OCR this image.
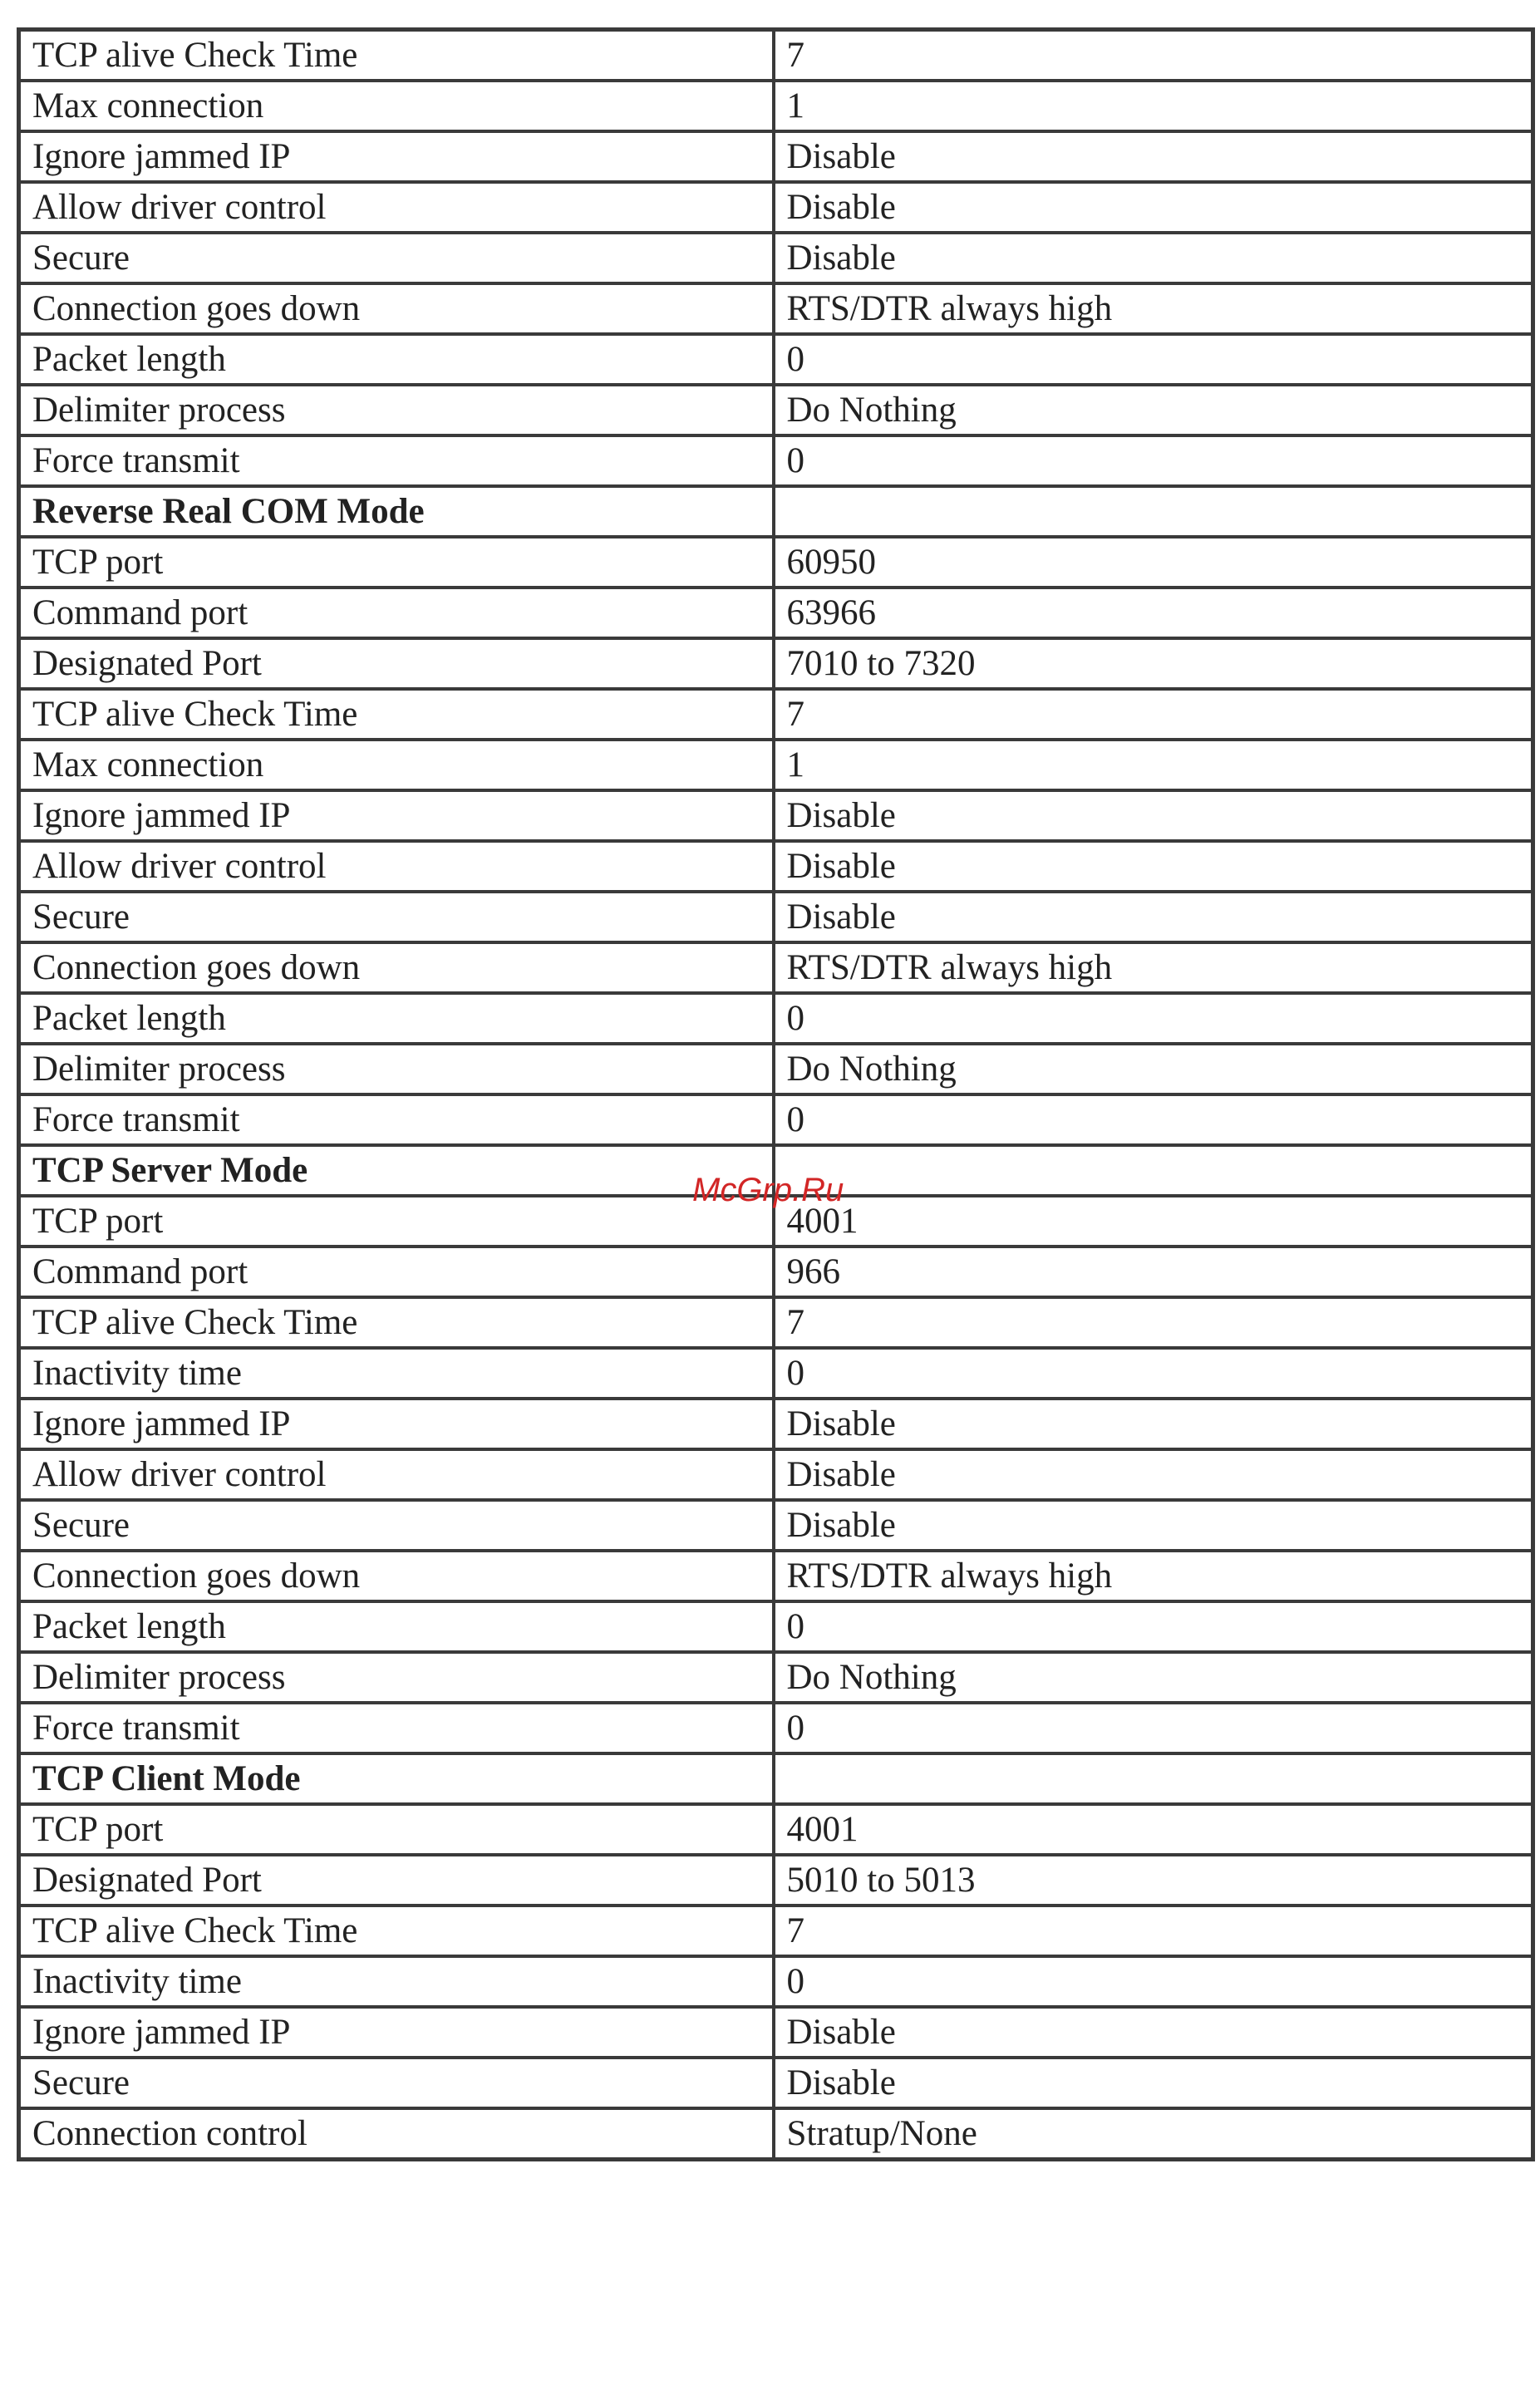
TCP alive Check Time	7
Max connection	1
Ignore jammed IP	Disable
Allow driver control	Disable
Secure	Disable
Connection goes down	RTS/DTR always high
Packet length	0
Delimiter process	Do Nothing
Force transmit	0
Reverse Real COM Mode	
TCP port	60950
Command port	63966
Designated Port	7010 to 7320
TCP alive Check Time	7
Max connection	1
Ignore jammed IP	Disable
Allow driver control	Disable
Secure	Disable
Connection goes down	RTS/DTR always high
Packet length	0
Delimiter process	Do Nothing
Force transmit	0
TCP Server Mode	
TCP port	4001
Command port	966
TCP alive Check Time	7
Inactivity time	0
Ignore jammed IP	Disable
Allow driver control	Disable
Secure	Disable
Connection goes down	RTS/DTR always high
Packet length	0
Delimiter process	Do Nothing
Force transmit	0
TCP Client Mode	
TCP port	4001
Designated Port	5010 to 5013
TCP alive Check Time	7
Inactivity time	0
Ignore jammed IP	Disable
Secure	Disable
Connection control	Stratup/None
McGrp.Ru
